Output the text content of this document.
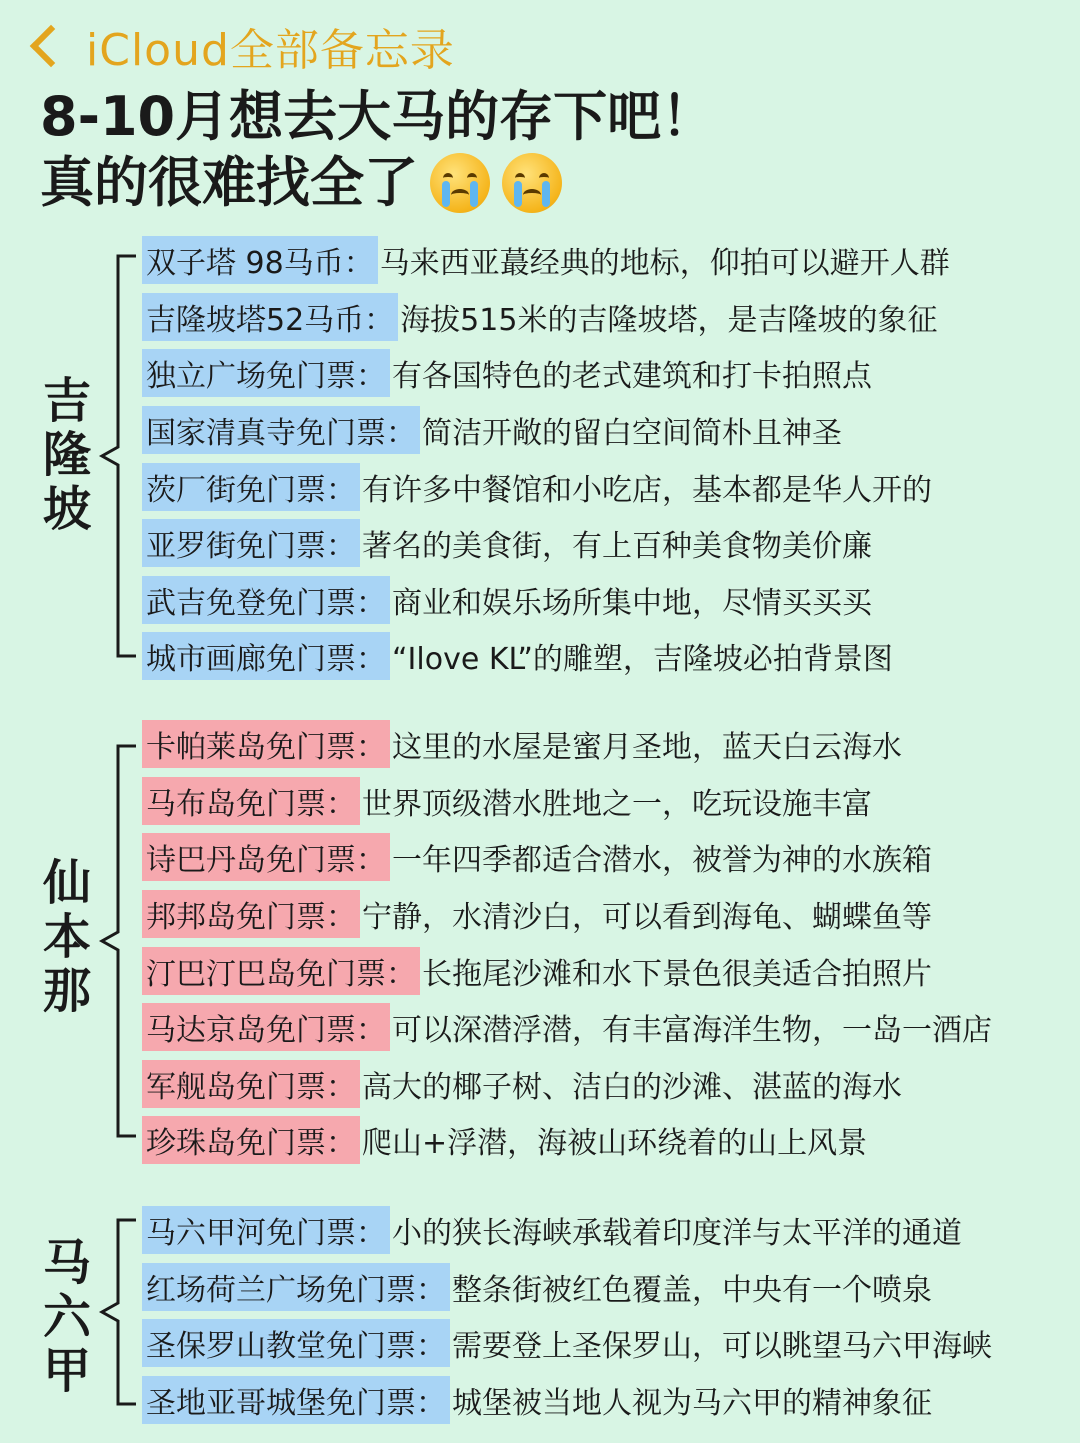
iCloud全部备忘录
8-10月想去大马的存下吧！
真的很难找全了
吉隆坡
双子塔 98马币： 马来西亚蕞经典的地标，仰拍可以避开人群
吉隆坡塔52马币： 海拔515米的吉隆坡塔，是吉隆坡的象征
独立广场免门票： 有各国特色的老式建筑和打卡拍照点
国家清真寺免门票： 简洁开敞的留白空间简朴且神圣
茨厂街免门票： 有许多中餐馆和小吃店，基本都是华人开的
亚罗街免门票： 著名的美食街，有上百种美食物美价廉
武吉免登免门票： 商业和娱乐场所集中地，尽情买买买
城市画廊免门票： “Ilove KL”的雕塑，吉隆坡必拍背景图
仙本那
卡帕莱岛免门票： 这里的水屋是蜜月圣地，蓝天白云海水
马布岛免门票： 世界顶级潜水胜地之一，吃玩设施丰富
诗巴丹岛免门票： 一年四季都适合潜水，被誉为神的水族箱
邦邦岛免门票： 宁静，水清沙白，可以看到海龟、蝴蝶鱼等
汀巴汀巴岛免门票： 长拖尾沙滩和水下景色很美适合拍照片
马达京岛免门票： 可以深潜浮潜，有丰富海洋生物，一岛一酒店
军舰岛免门票： 高大的椰子树、洁白的沙滩、湛蓝的海水
珍珠岛免门票： 爬山+浮潜，海被山环绕着的山上风景
马六甲
马六甲河免门票： 小的狭长海峡承载着印度洋与太平洋的通道
红场荷兰广场免门票： 整条街被红色覆盖，中央有一个喷泉
圣保罗山教堂免门票： 需要登上圣保罗山，可以眺望马六甲海峡
圣地亚哥城堡免门票： 城堡被当地人视为马六甲的精神象征
